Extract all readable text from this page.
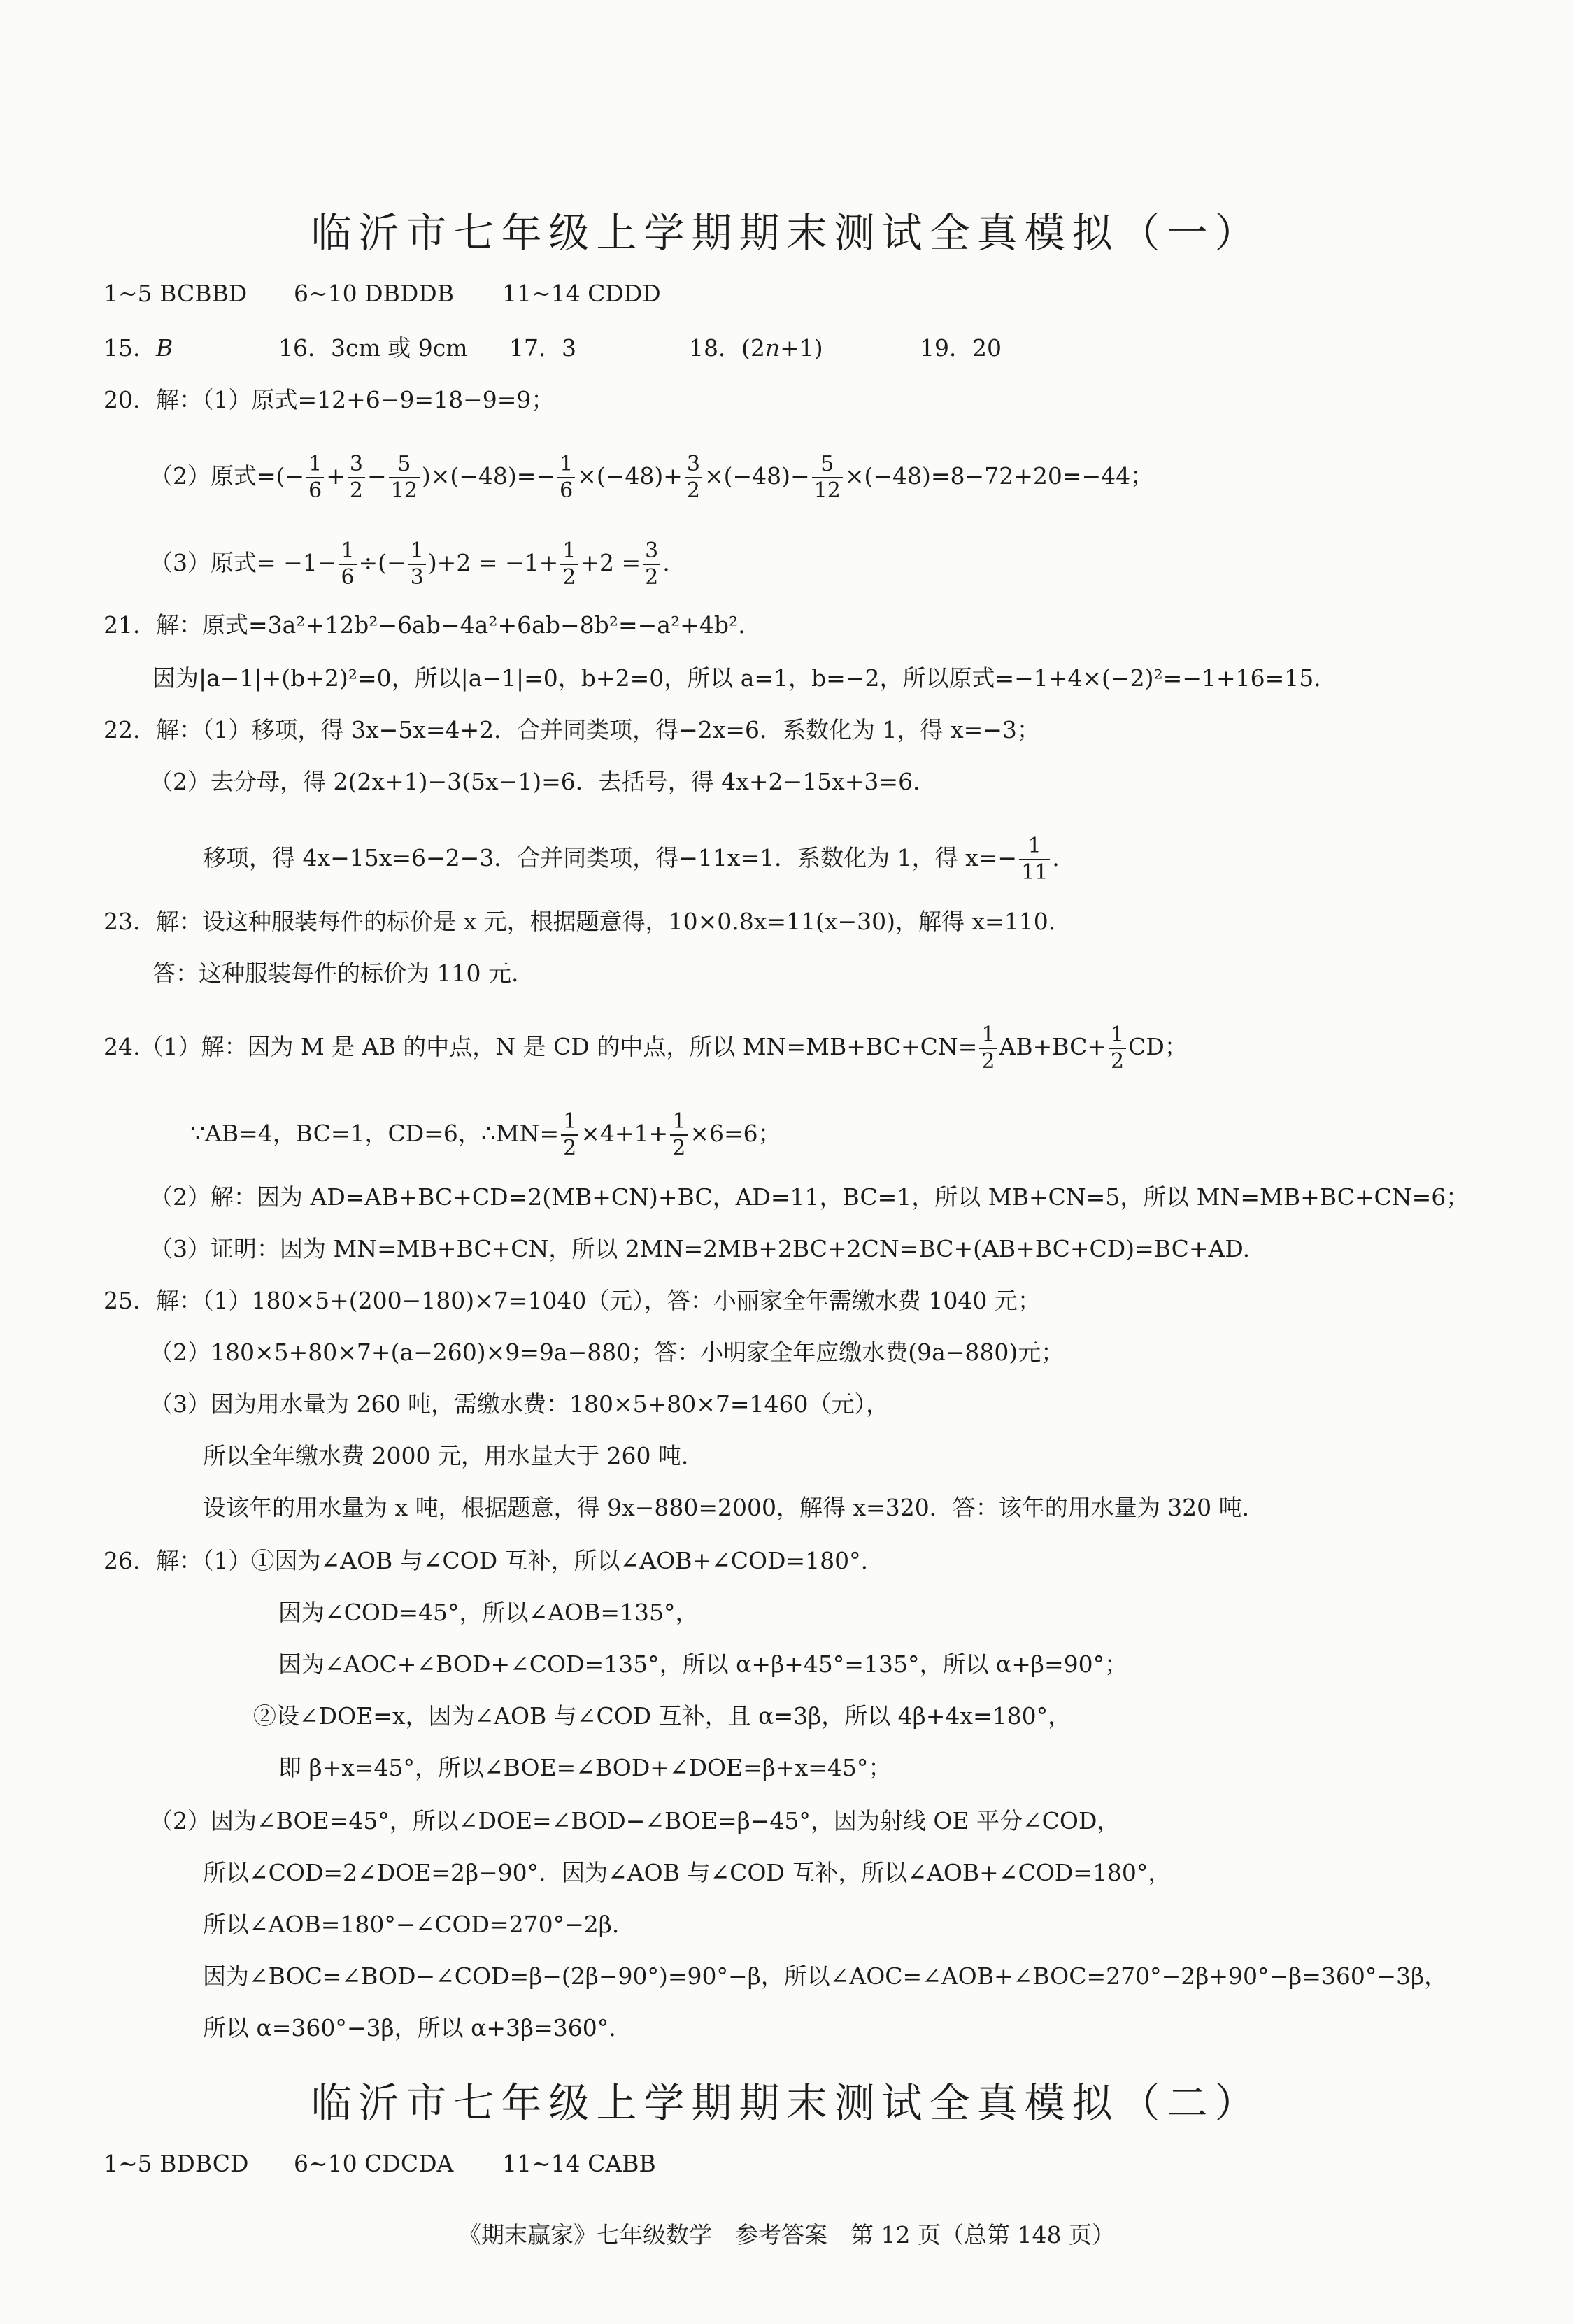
临沂市七年级上学期期末测试全真模拟（一）
1~5 BCBBD 6~10 DBDDB 11~14 CDDD
15．B	16．3cm 或 9cm 17．3	18．(2n+1)	19．20
20．解：（1）原式=12+6−9=18−9=9；
（2）原式=(− $\frac{1}{6} + \frac{3}{2} - \frac{5}{12} )\times(-48)=- \frac{1}{6} \times(-48)+ \frac{3}{2} \times(-48)- \frac{5}{12} \times(-48)=8-72+20=-44$；
（3）原式= $-1- \frac{1}{6}$ ÷(− $\frac{1}{3} )+2 = -1+ \frac{1}{2} +2 = \frac{3}{2}$ .
21．解：原式=3a²+12b²−6ab−4a²+6ab−8b²=−a²+4b².
因为|a−1|+(b+2)²=0，所以|a−1|=0，b+2=0，所以 a=1，b=−2，所以原式=−1+4×(−2)²=−1+16=15.
22．解：（1）移项，得 3x−5x=4+2．合并同类项，得−2x=6．系数化为 1，得 x=−3；
（2）去分母，得 2(2x+1)−3(5x−1)=6．去括号，得 4x+2−15x+3=6．
移项，得 4x−15x=6−2−3．合并同类项，得−11x=1．系数化为 1，得 $x=- \frac{1}{11}$ .
23．解：设这种服装每件的标价是 x 元，根据题意得，10×0.8x=11(x−30)，解得 x=110.
答：这种服装每件的标价为 110 元.
24.（1）解：因为 M 是 AB 的中点，N 是 CD 的中点，所以 $MN=MB+BC+CN= \frac{1}{2} AB+BC+ \frac{1}{2}$ CD；
∵AB=4，BC=1，CD=6，∴MN= $\frac{1}{2} \times 4+1+ \frac{1}{2} \times 6=6$；
（2）解：因为 AD=AB+BC+CD=2(MB+CN)+BC，AD=11，BC=1，所以 MB+CN=5，所以 MN=MB+BC+CN=6；
（3）证明：因为 MN=MB+BC+CN，所以 2MN=2MB+2BC+2CN=BC+(AB+BC+CD)=BC+AD.
25．解：（1）180×5+(200−180)×7=1040（元），答：小丽家全年需缴水费 1040 元；
（2）180×5+80×7+(a−260)×9=9a−880；答：小明家全年应缴水费(9a−880)元；
（3）因为用水量为 260 吨，需缴水费：180×5+80×7=1460（元），
所以全年缴水费 2000 元，用水量大于 260 吨.
设该年的用水量为 x 吨，根据题意，得 9x−880=2000，解得 x=320．答：该年的用水量为 320 吨.
26．解：（1）①因为∠AOB 与∠COD 互补，所以∠AOB+∠COD=180°.
因为∠COD=45°，所以∠AOB=135°，
因为∠AOC+∠BOD+∠COD=135°，所以 α+β+45°=135°，所以 α+β=90°；
②设∠DOE=x，因为∠AOB 与∠COD 互补，且 α=3β，所以 4β+4x=180°，
即 β+x=45°，所以∠BOE=∠BOD+∠DOE=β+x=45°；
（2）因为∠BOE=45°，所以∠DOE=∠BOD−∠BOE=β−45°，因为射线 OE 平分∠COD，
所以∠COD=2∠DOE=2β−90°．因为∠AOB 与∠COD 互补，所以∠AOB+∠COD=180°，
所以∠AOB=180°−∠COD=270°−2β.
因为∠BOC=∠BOD−∠COD=β−(2β−90°)=90°−β，所以∠AOC=∠AOB+∠BOC=270°−2β+90°−β=360°−3β，
所以 α=360°−3β，所以 α+3β=360°.
临沂市七年级上学期期末测试全真模拟（二）
1~5 BDBCD 6~10 CDCDA 11~14 CABB
《期末赢家》七年级数学　参考答案　第 12 页（总第 148 页）
